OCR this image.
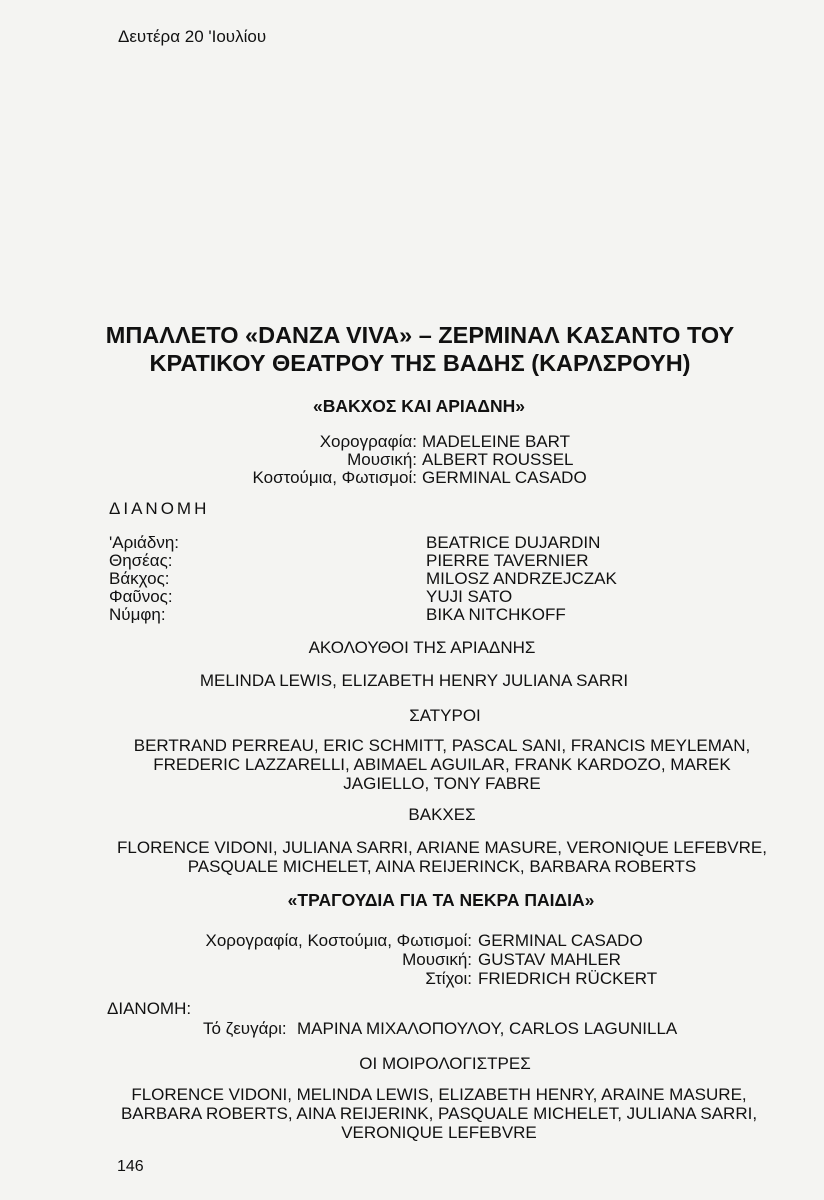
Δευτέρα 20 'Ιουλίου
ΜΠΑΛΛΕΤΟ «DANZA VIVA» – ΖΕΡΜΙΝΑΛ ΚΑΣΑΝΤΟ ΤΟΥ
ΚΡΑΤΙΚΟΥ ΘΕΑΤΡΟΥ ΤΗΣ ΒΑΔΗΣ (ΚΑΡΛΣΡΟΥΗ)
«ΒΑΚΧΟΣ ΚΑΙ ΑΡΙΑΔΝΗ»
Χορογραφία:
Μουσική:
Κοστούμια, Φωτισμοί:
MADELEINE BART
ALBERT ROUSSEL
GERMINAL CASADO
ΔΙΑΝΟΜΗ
'Αριάδνη:
Θησέας:
Βάκχος:
Φαῦνος:
Νύμφη:
BEATRICE DUJARDIN
PIERRE TAVERNIER
MILOSZ ANDRZEJCZAK
YUJI SATO
BIKA NITCHKOFF
ΑΚΟΛΟΥΘΟΙ ΤΗΣ ΑΡΙΑΔΝΗΣ
MELINDA LEWIS, ELIZABETH HENRY JULIANA SARRI
ΣΑΤΥΡΟΙ
BERTRAND PERREAU, ERIC SCHMITT, PASCAL SANI, FRANCIS MEYLEMAN,
FREDERIC LAZZARELLI, ABIMAEL AGUILAR, FRANK KARDOZO, MAREK
JAGIELLO, TONY FABRE
ΒΑΚΧΕΣ
FLORENCE VIDONI, JULIANA SARRI, ARIANE MASURE, VERONIQUE LEFEBVRE,
PASQUALE MICHELET, AINA REIJERINCK, BARBARA ROBERTS
«ΤΡΑΓΟΥΔΙΑ ΓΙΑ ΤΑ ΝΕΚΡΑ ΠΑΙΔΙΑ»
Χορογραφία, Κοστούμια, Φωτισμοί:
Μουσική:
Στίχοι:
GERMINAL CASADO
GUSTAV MAHLER
FRIEDRICH RÜCKERT
ΔΙΑΝΟΜΗ:
Τό ζευγάρι: ΜΑΡΙΝΑ ΜΙΧΑΛΟΠΟΥΛΟΥ, CARLOS LAGUNILLA
ΟΙ ΜΟΙΡΟΛΟΓΙΣΤΡΕΣ
FLORENCE VIDONI, MELINDA LEWIS, ELIZABETH HENRY, ARAINE MASURE,
BARBARA ROBERTS, AINA REIJERINK, PASQUALE MICHELET, JULIANA SARRI,
VERONIQUE LEFEBVRE
146
